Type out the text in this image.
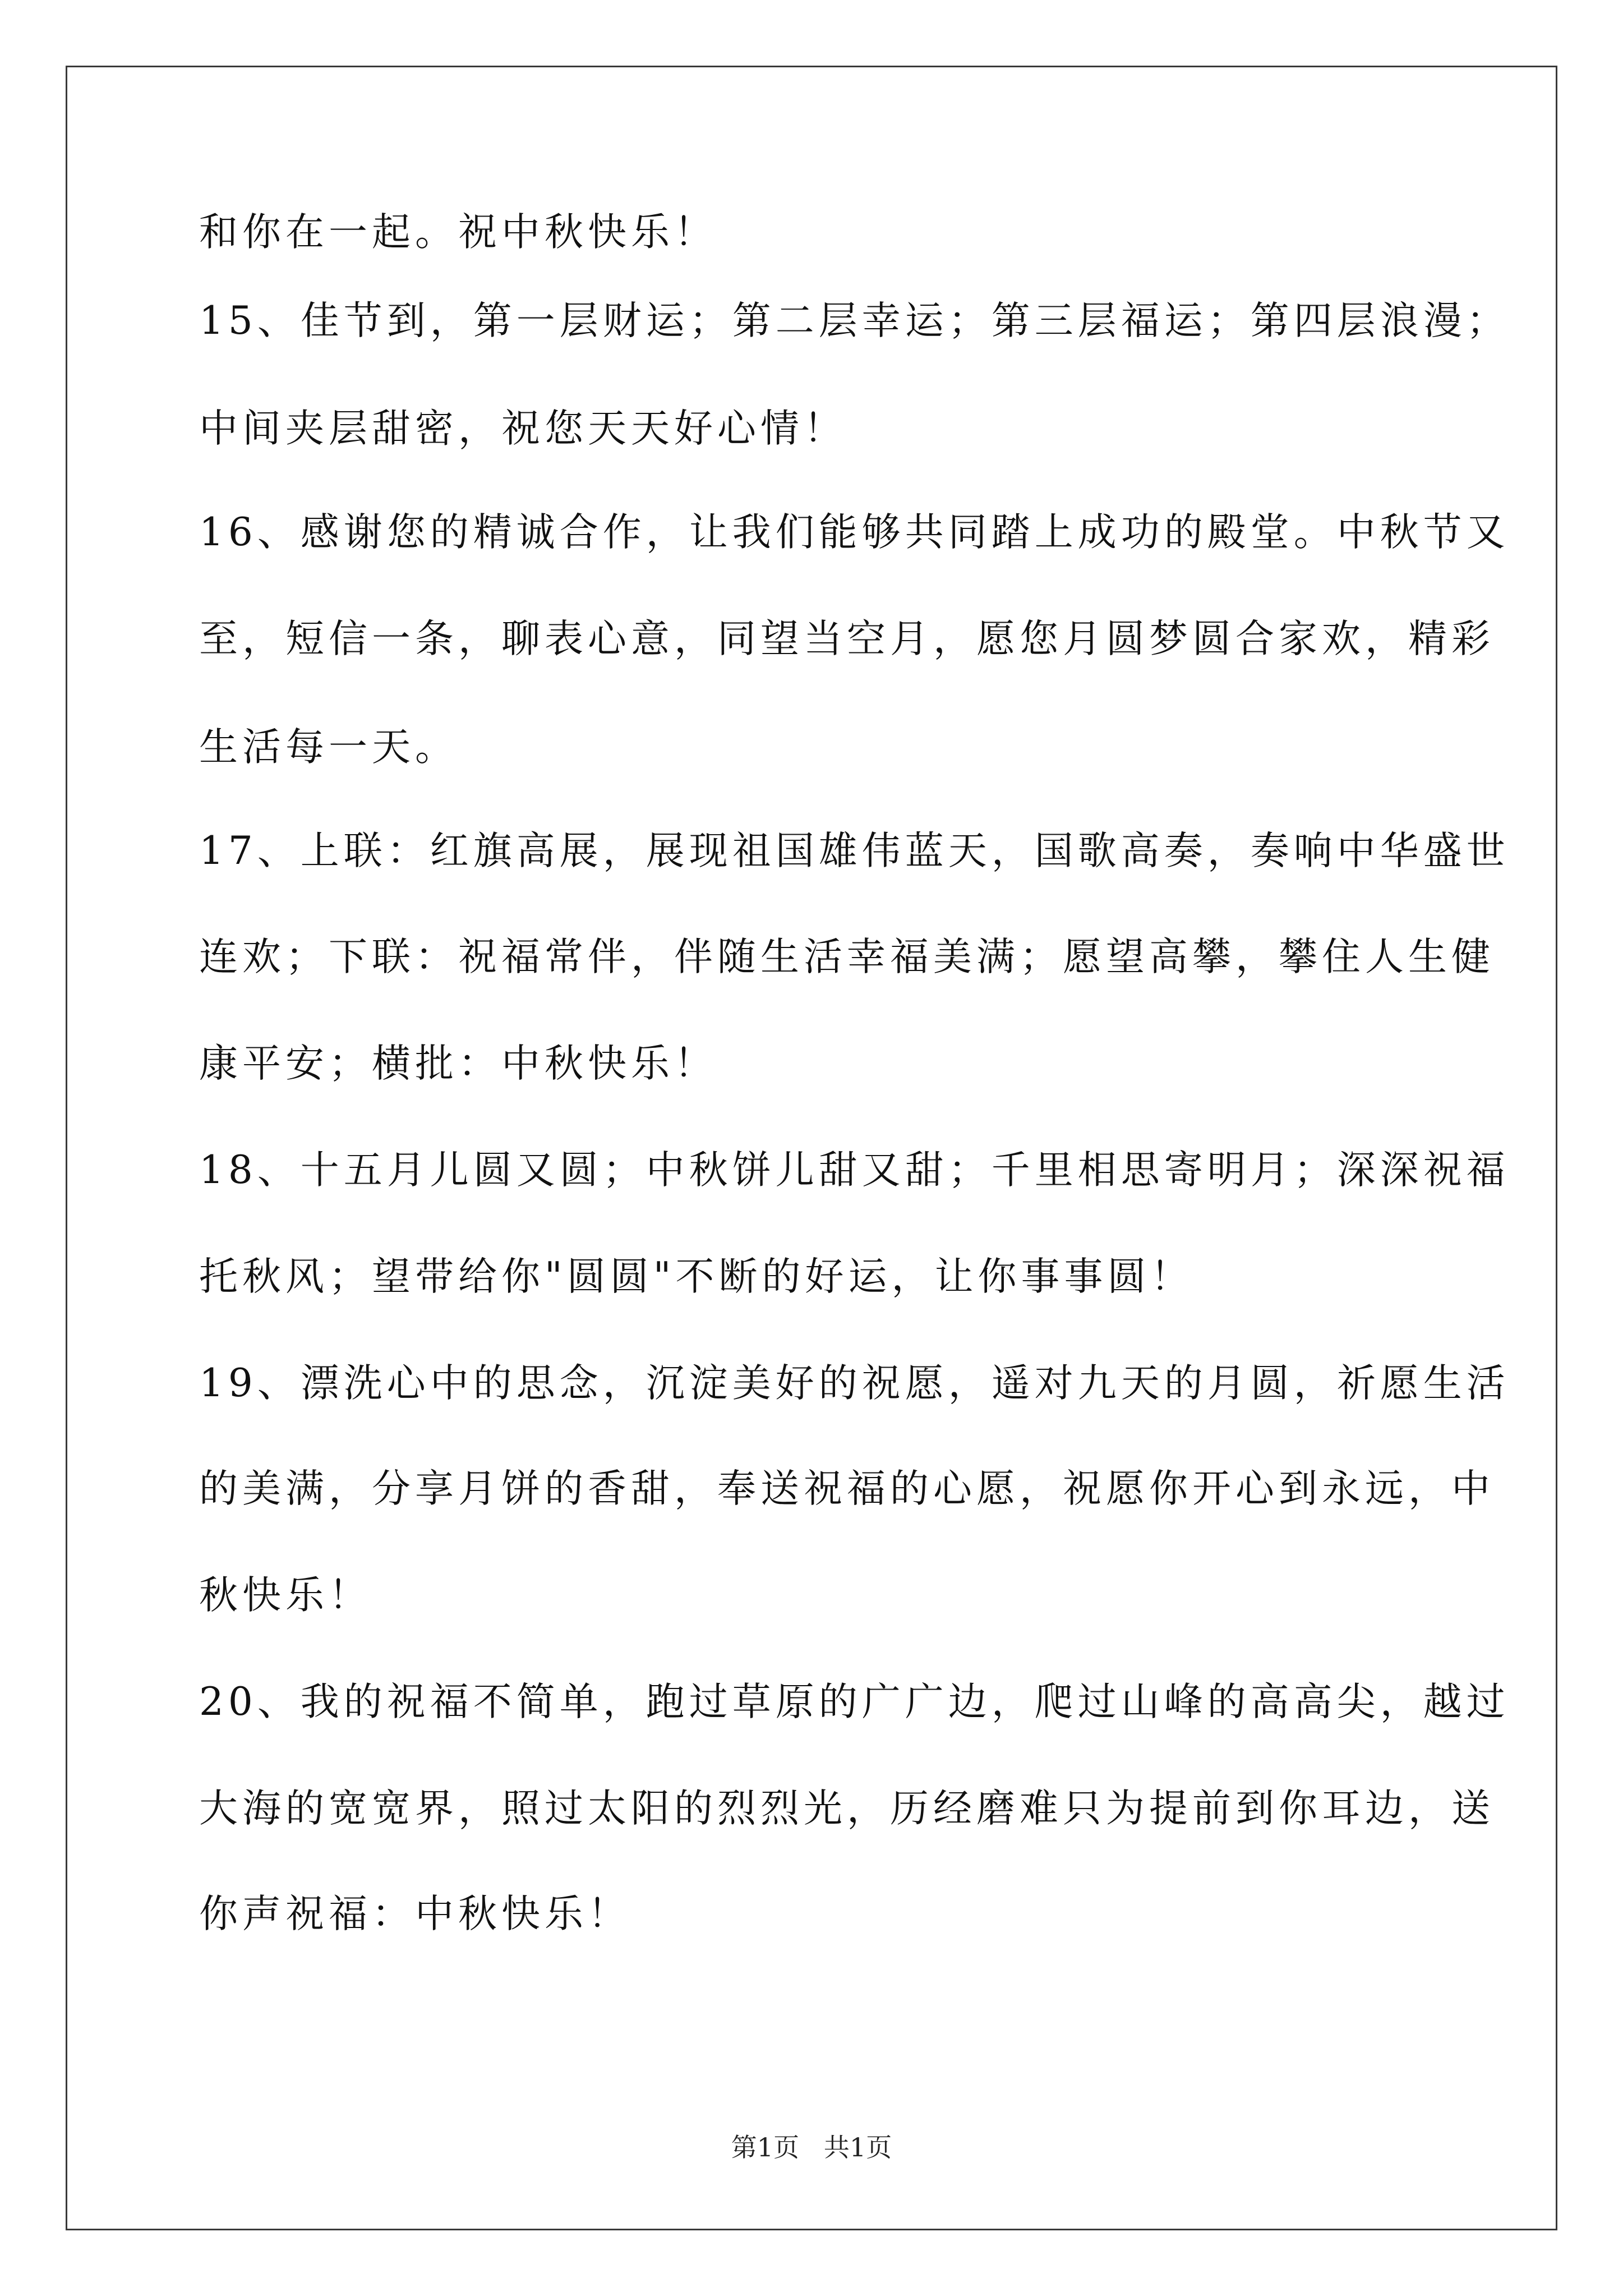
和你在一起。祝中秋快乐！
15、佳节到，第一层财运；第二层幸运；第三层福运；第四层浪漫；
中间夹层甜密，祝您天天好心情！
16、感谢您的精诚合作，让我们能够共同踏上成功的殿堂。中秋节又
至，短信一条，聊表心意，同望当空月，愿您月圆梦圆合家欢，精彩
生活每一天。
17、上联：红旗高展，展现祖国雄伟蓝天，国歌高奏，奏响中华盛世
连欢；下联：祝福常伴，伴随生活幸福美满；愿望高攀，攀住人生健
康平安；横批：中秋快乐！
18、十五月儿圆又圆；中秋饼儿甜又甜；千里相思寄明月；深深祝福
托秋风；望带给你"圆圆"不断的好运，让你事事圆！
19、漂洗心中的思念，沉淀美好的祝愿，遥对九天的月圆，祈愿生活
的美满，分享月饼的香甜，奉送祝福的心愿，祝愿你开心到永远，中
秋快乐！
20、我的祝福不简单，跑过草原的广广边，爬过山峰的高高尖，越过
大海的宽宽界，照过太阳的烈烈光，历经磨难只为提前到你耳边，送
你声祝福：中秋快乐！
第1页   共1页
